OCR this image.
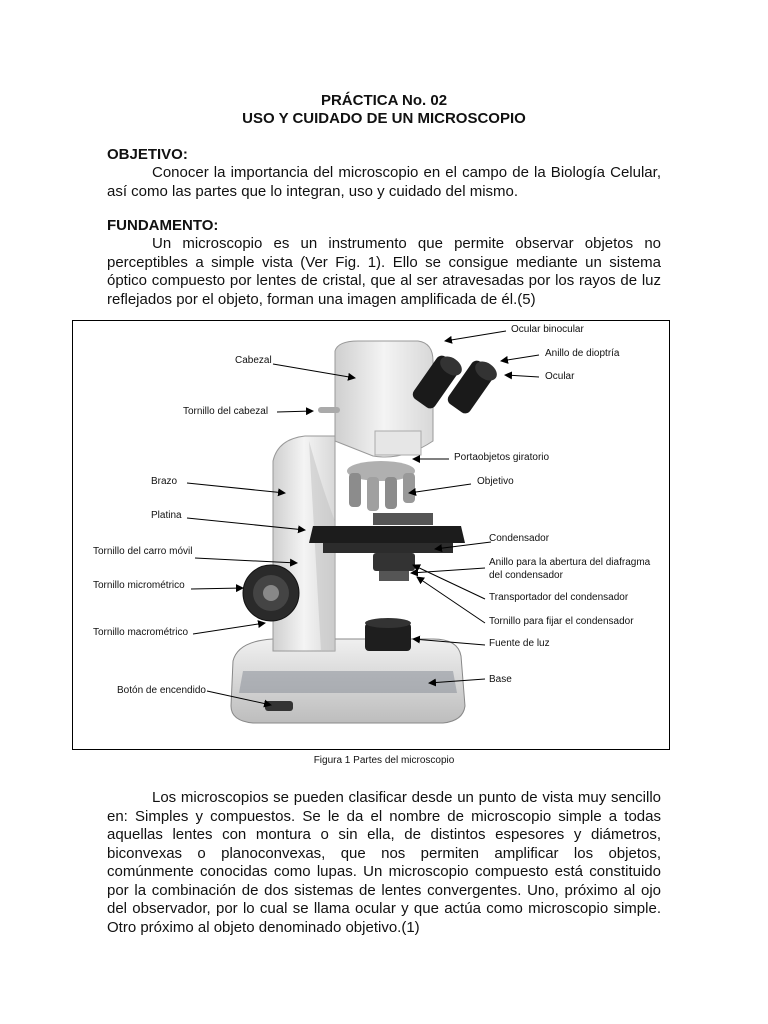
PRÁCTICA No. 02
USO Y CUIDADO DE UN MICROSCOPIO
OBJETIVO:

Conocer la importancia del microscopio en el campo de la Biología Celular, así como las partes que lo integran, uso y cuidado del mismo.

FUNDAMENTO:

Un microscopio es un instrumento que permite observar objetos no perceptibles a simple vista (Ver Fig. 1). Ello se consigue mediante un sistema óptico compuesto por lentes de cristal, que al ser atravesadas por los rayos de luz reflejados por el objeto, forman una imagen amplificada de él.(5)

Ocular binocular
Anillo de dioptría
Ocular
Cabezal
Tornillo del cabezal
Portaobjetos giratorio
Brazo	Objetivo
Platina
Condensador
Tornillo del carro móvil
Anillo para la abertura del diafragma
del condensador
Tornillo micrométrico
Transportador del condensador
Tornillo para fijar el condensador
Tornillo macrométrico
Fuente de luz
Base
Botón de encendido
Figura 1 Partes del microscopio

Los microscopios se pueden clasificar desde un punto de vista muy sencillo en: Simples y compuestos. Se le da el nombre de microscopio simple a todas aquellas lentes con montura o sin ella, de distintos espesores y diámetros, biconvexas o planoconvexas, que nos permiten amplificar los objetos, comúnmente conocidas como lupas. Un microscopio compuesto está constituido por la combinación de dos sistemas de lentes convergentes. Uno, próximo al ojo del observador, por lo cual se llama ocular y que actúa como microscopio simple. Otro próximo al objeto denominado objetivo.(1)
